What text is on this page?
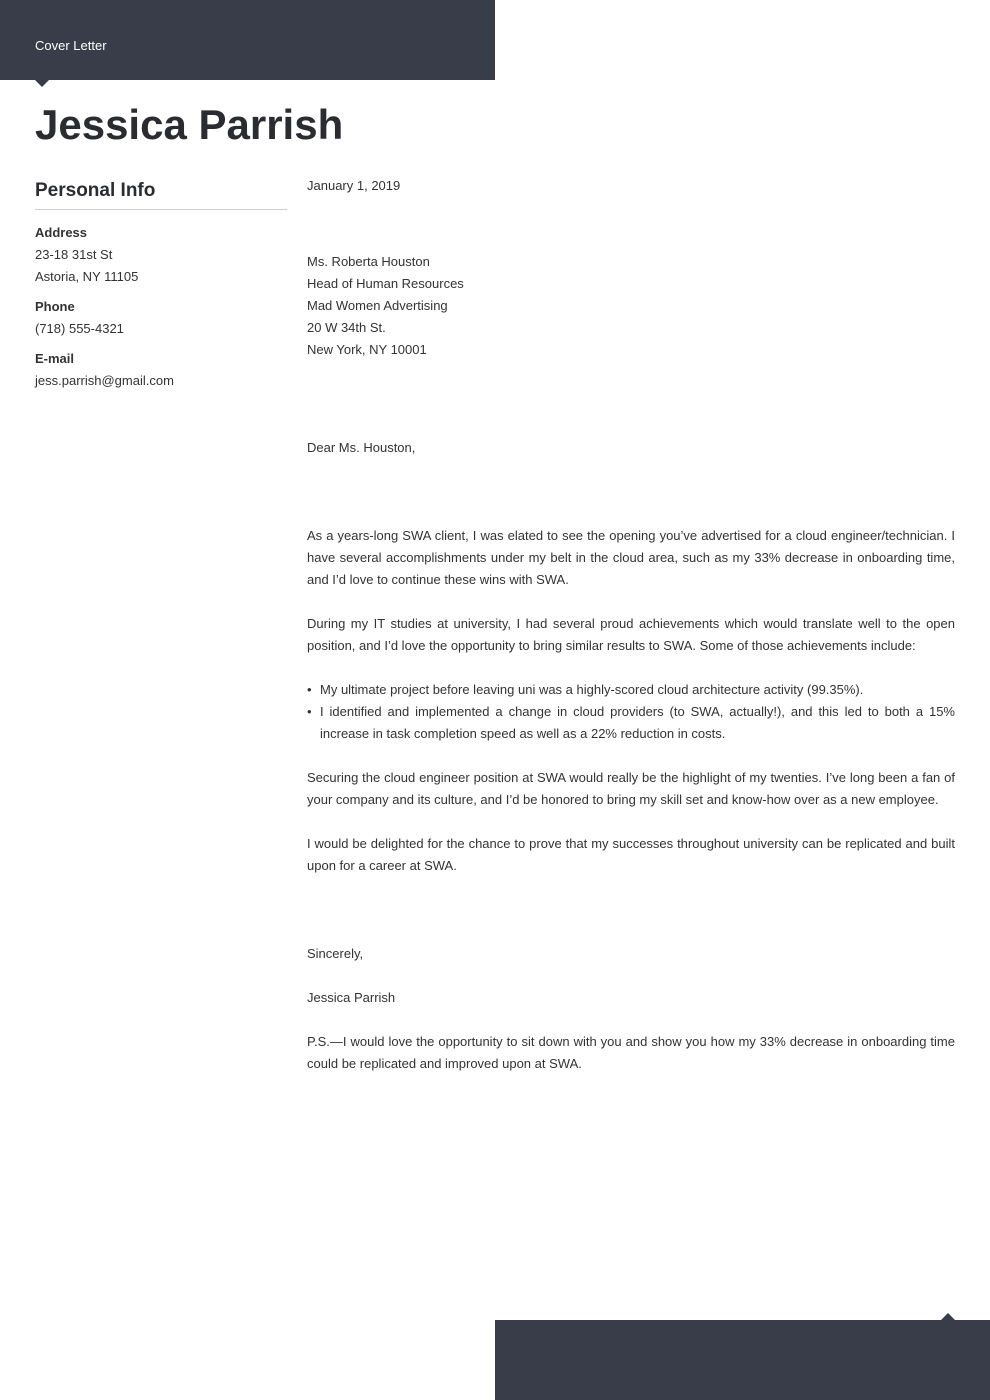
Cover Letter
Jessica Parrish
Personal Info
Address
23-18 31st St
Astoria, NY 11105
Phone
(718) 555-4321
E-mail
jess.parrish@gmail.com

January 1, 2019

Ms. Roberta Houston

Head of Human Resources

Mad Women Advertising

20 W 34th St.

New York, NY 10001

Dear Ms. Houston,

As a years-long SWA client, I was elated to see the opening you’ve advertised for a cloud engineer/technician. I have several accomplishments under my belt in the cloud area, such as my 33% decrease in onboarding time, and I’d love to continue these wins with SWA.

During my IT studies at university, I had several proud achievements which would translate well to the open position, and I’d love the opportunity to bring similar results to SWA. Some of those achievements include:

• My ultimate project before leaving uni was a highly-scored cloud architecture activity (99.35%).
• I identified and implemented a change in cloud providers (to SWA, actually!), and this led to both a 15% increase in task completion speed as well as a 22% reduction in costs.

Securing the cloud engineer position at SWA would really be the highlight of my twenties. I’ve long been a fan of your company and its culture, and I’d be honored to bring my skill set and know-how over as a new employee.

I would be delighted for the chance to prove that my successes throughout university can be replicated and built upon for a career at SWA.

Sincerely,

Jessica Parrish

P.S.—I would love the opportunity to sit down with you and show you how my 33% decrease in onboarding time could be replicated and improved upon at SWA.
